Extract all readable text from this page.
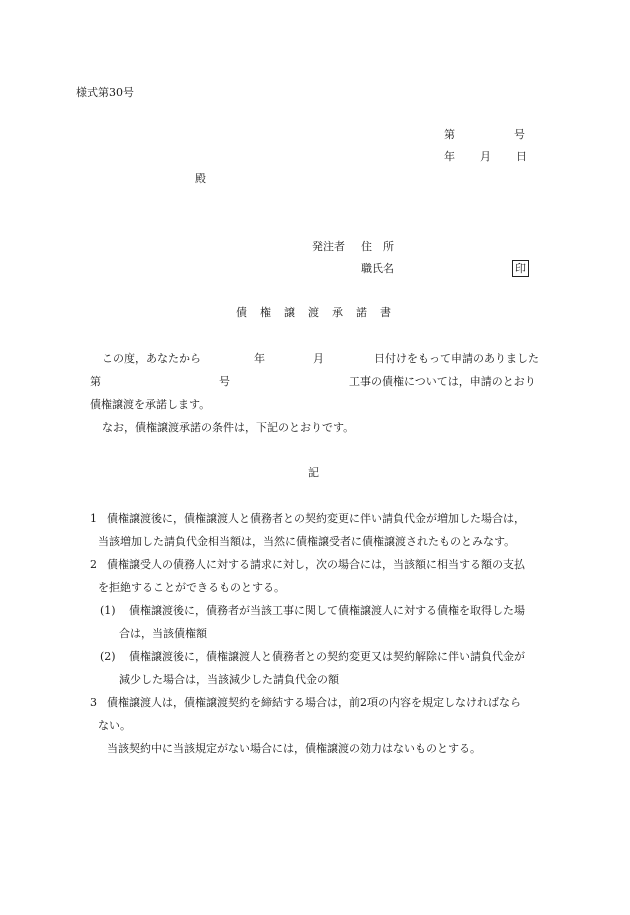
様式第30号
第	号
年 月 日
殿
発注者 住　所
職氏名	印
債　権　譲　渡　承　諾　書
この度，あなたから	年	月	日付けをもって申請のありました
第	号	工事の債権については，申請のとおり
債権譲渡を承諾します。
なお，債権譲渡承諾の条件は，下記のとおりです。
記
1 債権譲渡後に，債権譲渡人と債務者との契約変更に伴い請負代金が増加した場合は，
当該増加した請負代金相当額は，当然に債権譲受者に債権譲渡されたものとみなす。
2 債権譲受人の債務人に対する請求に対し，次の場合には，当該額に相当する額の支払
を拒絶することができるものとする。
(1) 債権譲渡後に，債務者が当該工事に関して債権譲渡人に対する債権を取得した場
合は，当該債権額
(2) 債権譲渡後に，債権譲渡人と債務者との契約変更又は契約解除に伴い請負代金が
減少した場合は，当該減少した請負代金の額
3 債権譲渡人は，債権譲渡契約を締結する場合は，前2項の内容を規定しなければなら
ない。
当該契約中に当該規定がない場合には，債権譲渡の効力はないものとする。
